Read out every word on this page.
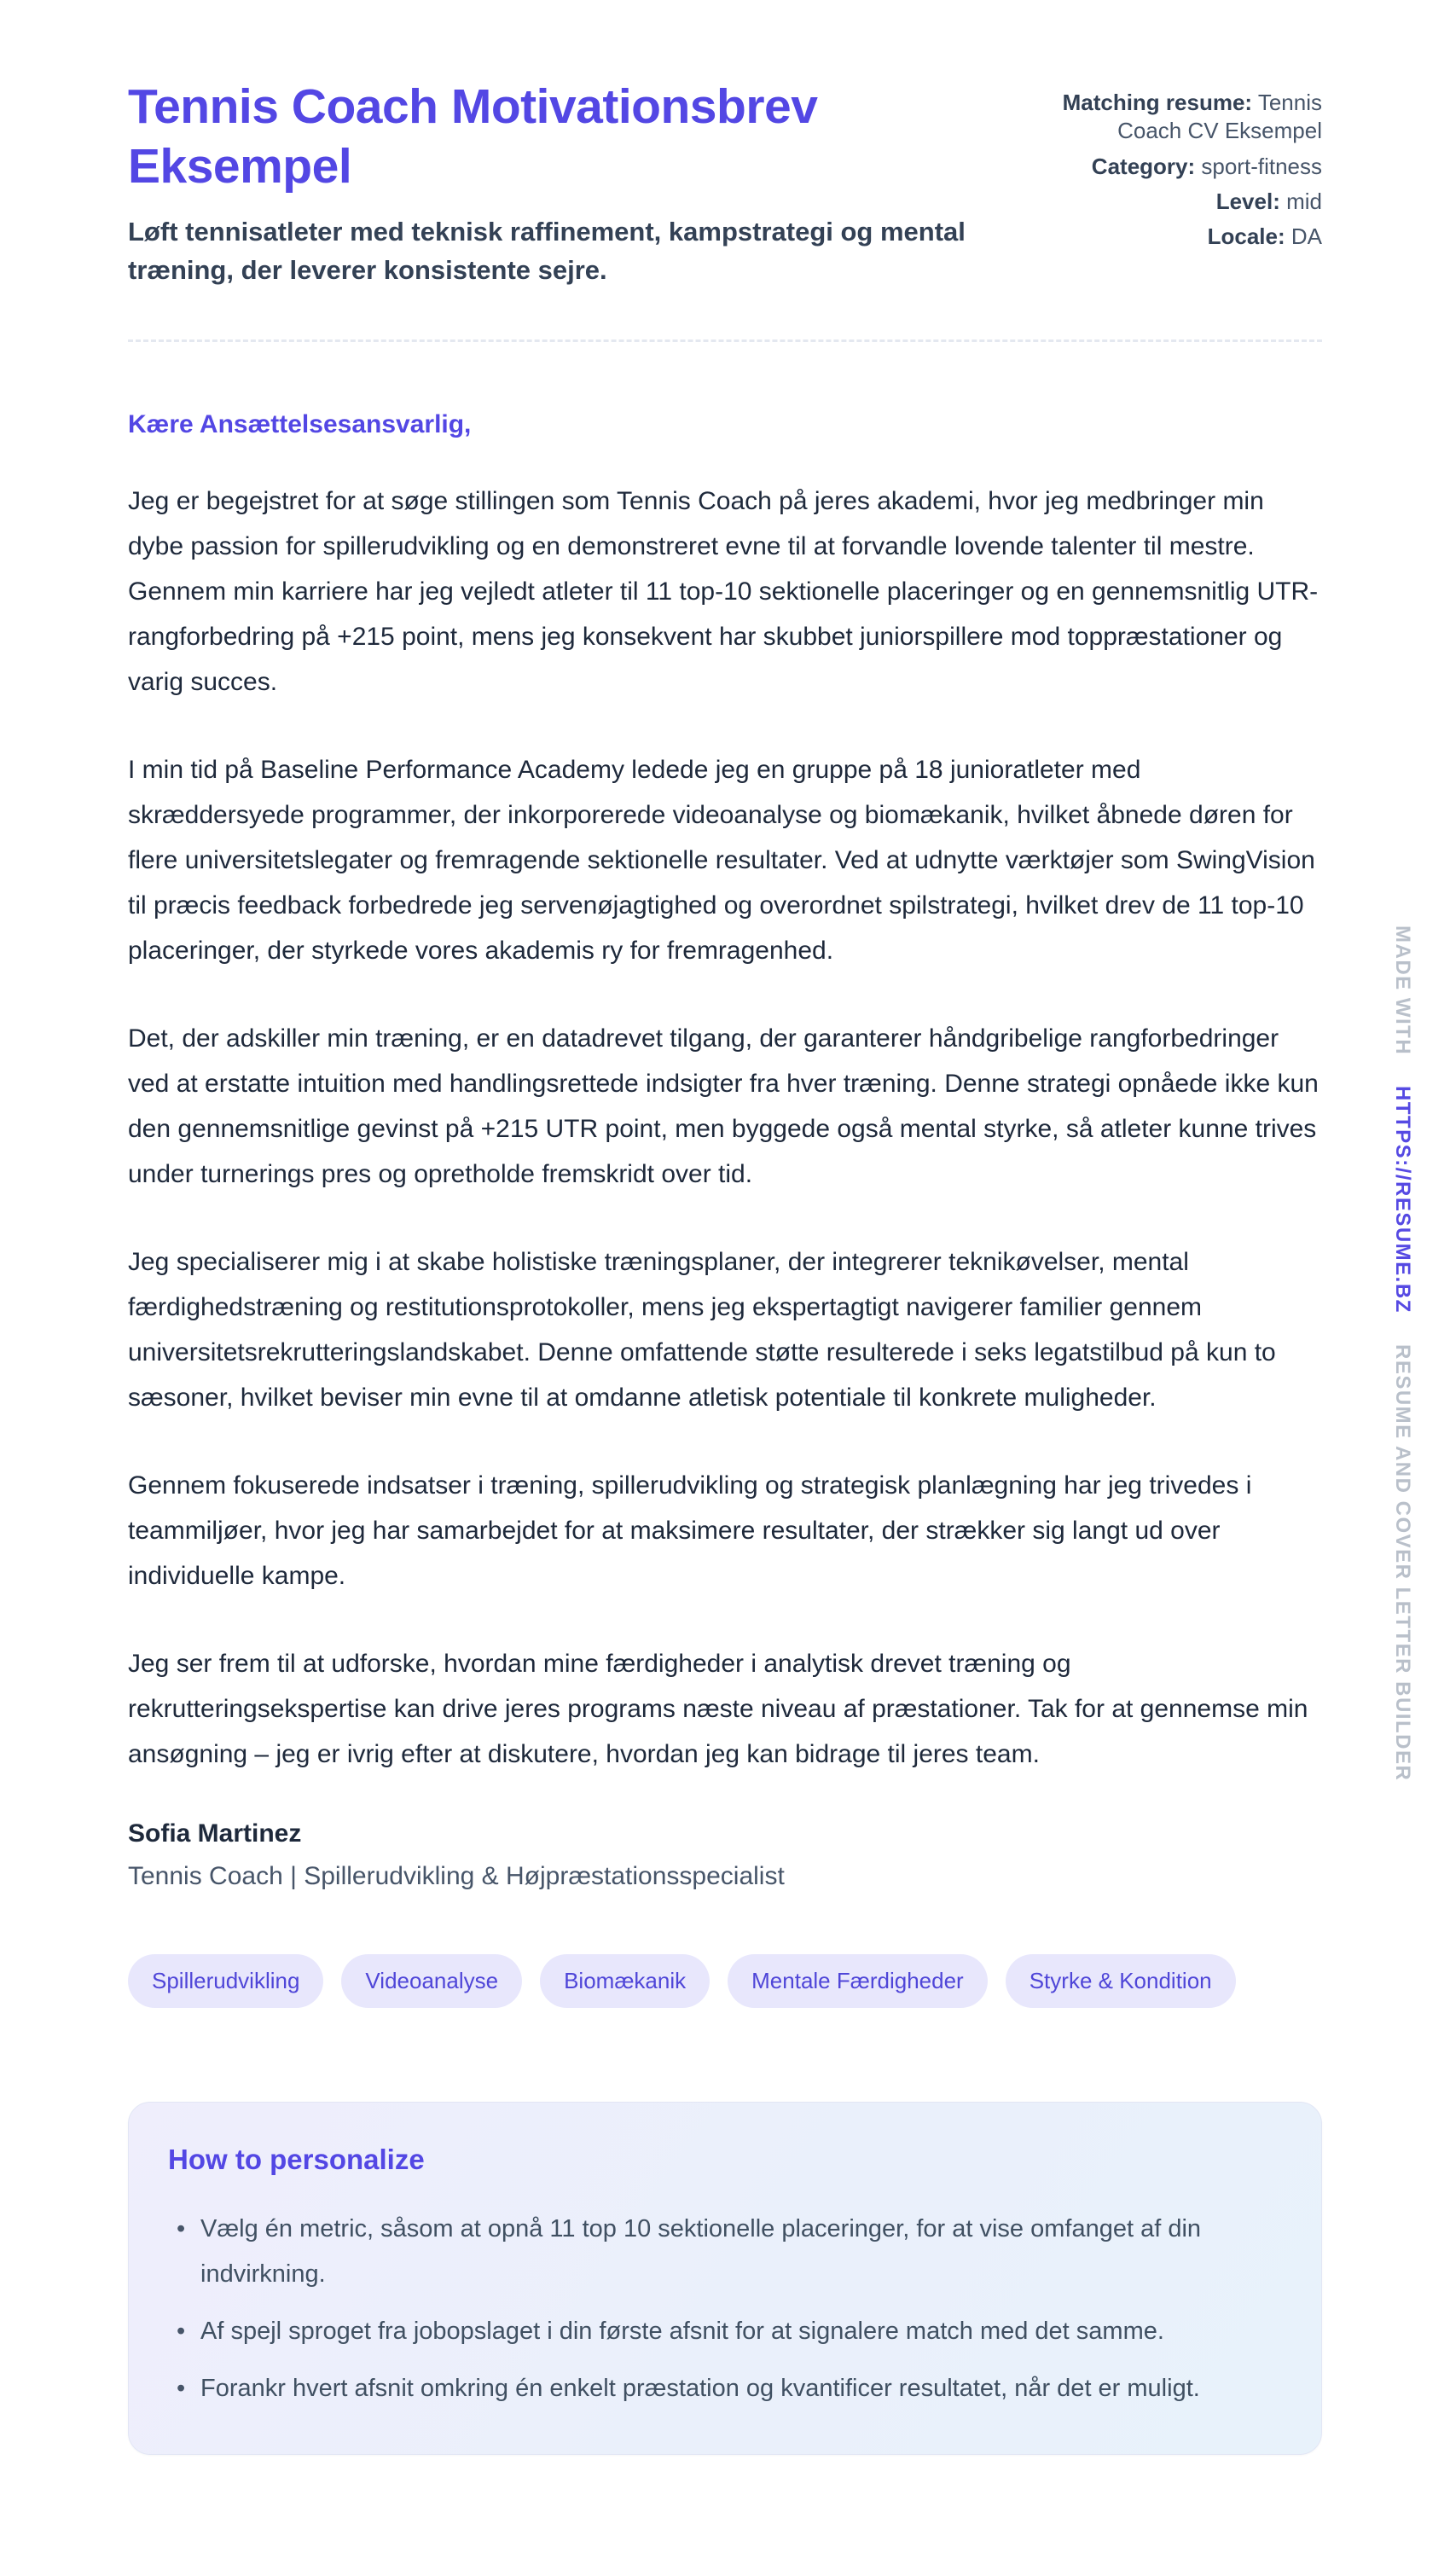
Tennis Coach Motivationsbrev Eksempel
Løft tennisatleter med teknisk raffinement, kampstrategi og mental træning, der leverer konsistente sejre.
Matching resume: Tennis Coach CV Eksempel
Category: sport-fitness
Level: mid
Locale: DA
Kære Ansættelsesansvarlig,

Jeg er begejstret for at søge stillingen som Tennis Coach på jeres akademi, hvor jeg medbringer min dybe passion for spillerudvikling og en demonstreret evne til at forvandle lovende talenter til mestre. Gennem min karriere har jeg vejledt atleter til 11 top-10 sektionelle placeringer og en gennemsnitlig UTR-rangforbedring på +215 point, mens jeg konsekvent har skubbet juniorspillere mod toppræstationer og varig succes.

I min tid på Baseline Performance Academy ledede jeg en gruppe på 18 junioratleter med skræddersyede programmer, der inkorporerede videoanalyse og biomækanik, hvilket åbnede døren for flere universitetslegater og fremragende sektionelle resultater. Ved at udnytte værktøjer som SwingVision til præcis feedback forbedrede jeg servenøjagtighed og overordnet spilstrategi, hvilket drev de 11 top-10 placeringer, der styrkede vores akademis ry for fremragenhed.

Det, der adskiller min træning, er en datadrevet tilgang, der garanterer håndgribelige rangforbedringer ved at erstatte intuition med handlingsrettede indsigter fra hver træning. Denne strategi opnåede ikke kun den gennemsnitlige gevinst på +215 UTR point, men byggede også mental styrke, så atleter kunne trives under turnerings pres og opretholde fremskridt over tid.

Jeg specialiserer mig i at skabe holistiske træningsplaner, der integrerer teknikøvelser, mental færdighedstræning og restitutionsprotokoller, mens jeg ekspertagtigt navigerer familier gennem universitetsrekrutteringslandskabet. Denne omfattende støtte resulterede i seks legatstilbud på kun to sæsoner, hvilket beviser min evne til at omdanne atletisk potentiale til konkrete muligheder.

Gennem fokuserede indsatser i træning, spillerudvikling og strategisk planlægning har jeg trivedes i teammiljøer, hvor jeg har samarbejdet for at maksimere resultater, der strækker sig langt ud over individuelle kampe.

Jeg ser frem til at udforske, hvordan mine færdigheder i analytisk drevet træning og rekrutteringsekspertise kan drive jeres programs næste niveau af præstationer. Tak for at gennemse min ansøgning – jeg er ivrig efter at diskutere, hvordan jeg kan bidrage til jeres team.

Sofia Martinez
Tennis Coach | Spillerudvikling & Højpræstationsspecialist
Spillerudvikling	Videoanalyse	Biomækanik	Mentale Færdigheder	Styrke & Kondition
How to personalize
• Vælg én metric, såsom at opnå 11 top 10 sektionelle placeringer, for at vise omfanget af din indvirkning.
• Af spejl sproget fra jobopslaget i din første afsnit for at signalere match med det samme.
• Forankr hvert afsnit omkring én enkelt præstation og kvantificer resultatet, når det er muligt.
MADE WITH HTTPS://RESUME.BZ RESUME AND COVER LETTER BUILDER
